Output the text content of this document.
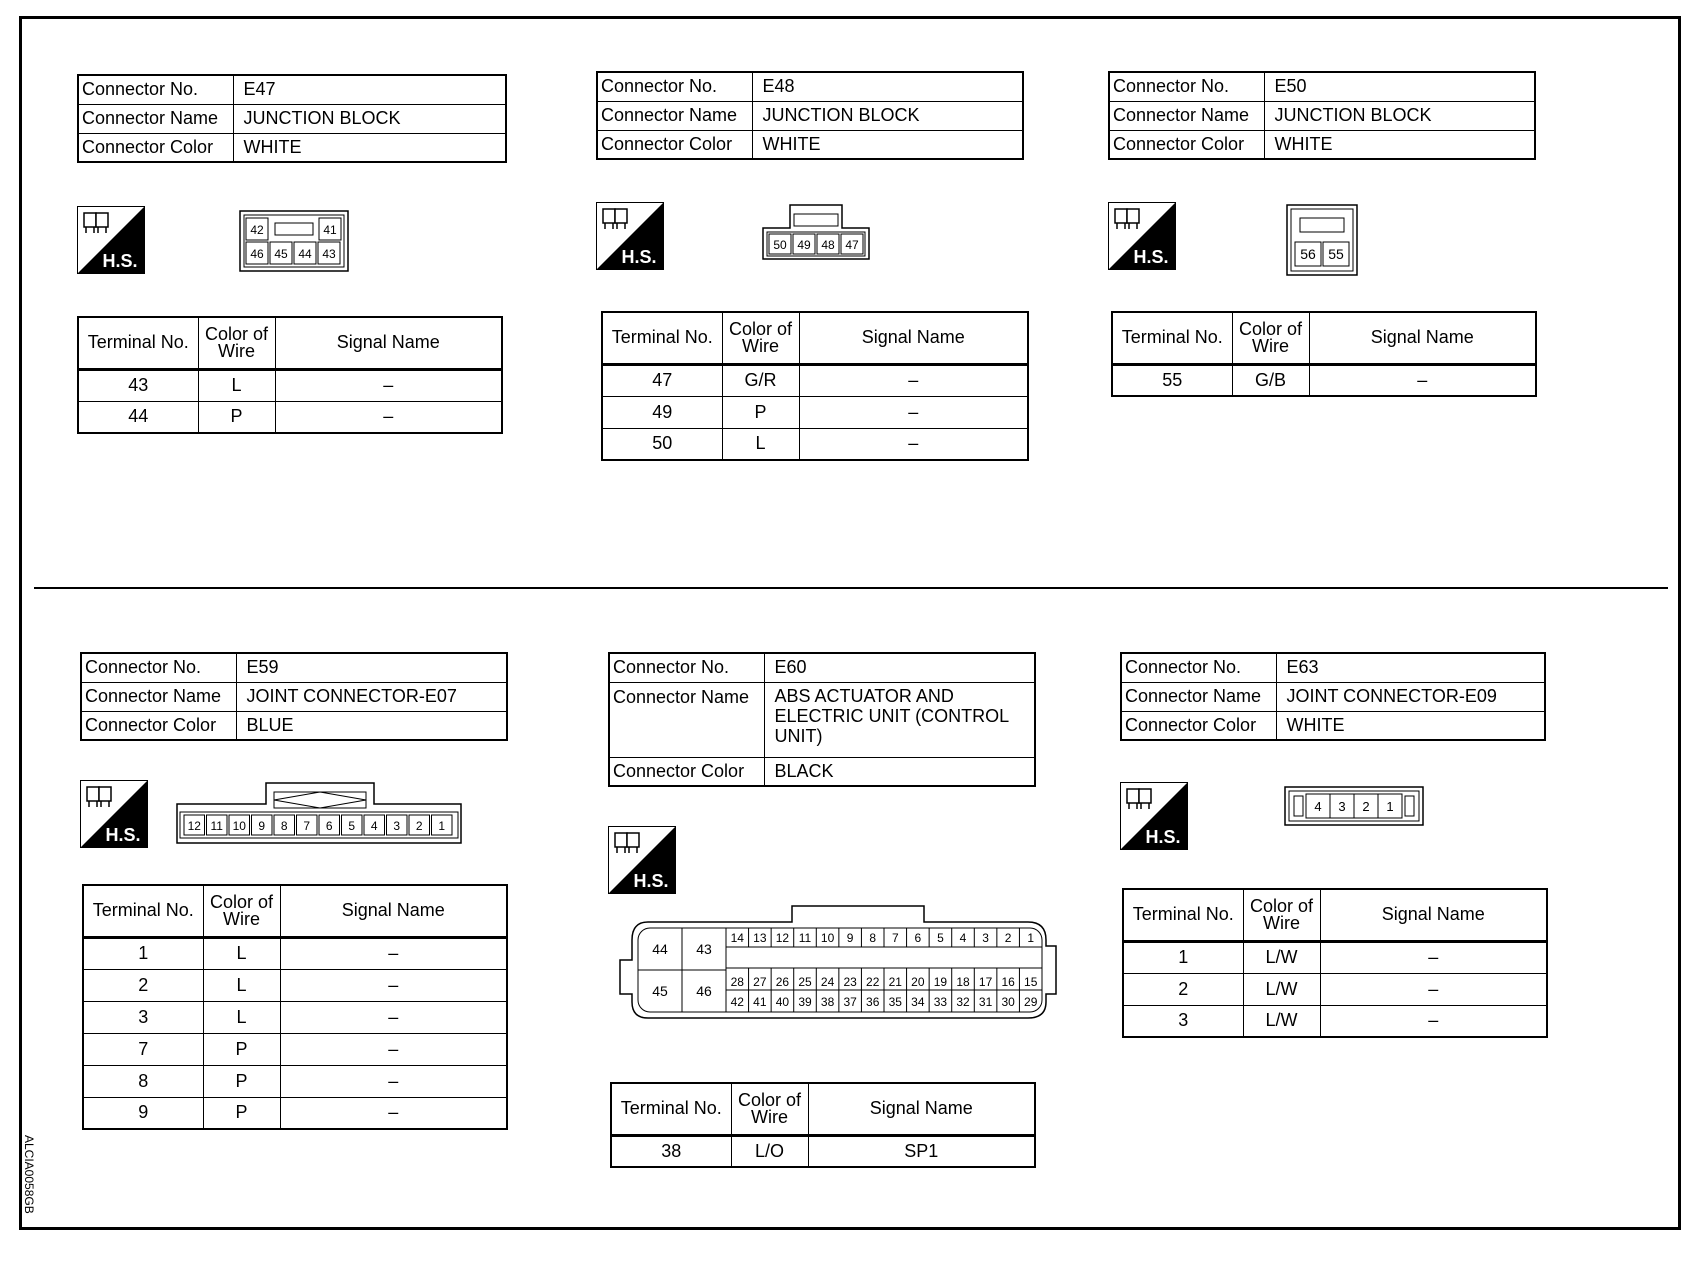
Connector No.	E47
Connector Name	JUNCTION BLOCK
Connector Color	WHITE
H.S.
42	41
46 45 44 43
Terminal No.	Color of Wire	Signal Name
43	L	–
44	P	–
Connector No.	E48
Connector Name	JUNCTION BLOCK
Connector Color	WHITE
H.S.
50 49 48 47
Terminal No.	Color of Wire	Signal Name
47	G/R	–
49	P	–
50	L	–
Connector No.	E50
Connector Name	JUNCTION BLOCK
Connector Color	WHITE
H.S.	56 55
Terminal No.	Color of Wire	Signal Name
55	G/B	–
Connector No.	E59
Connector Name	JOINT CONNECTOR-E07
Connector Color	BLUE
H.S.	12 11 10 9 8 7 6 5 4 3 2 1
Terminal No.	Color of Wire	Signal Name
1	L	–
2	L	–
3	L	–
7	P	–
8	P	–
9	P	–
Connector No.	E60
Connector Name	ABS ACTUATOR AND ELECTRIC UNIT (CONTROL UNIT)
Connector Color	BLACK
H.S.
44 43
45 46
14 13 12 11 10 9 8 7 6 5 4 3 2 1
28 27 26 25 24 23 22 21 20 19 18 17 16 15
42 41 40 39 38 37 36 35 34 33 32 31 30 29
Terminal No.	Color of Wire	Signal Name
38	L/O	SP1
Connector No.	E63
Connector Name	JOINT CONNECTOR-E09
Connector Color	WHITE
H.S.
4 3 2 1
Terminal No.	Color of Wire	Signal Name
1	L/W	–
2	L/W	–
3	L/W	–
ALCIA0058GB
